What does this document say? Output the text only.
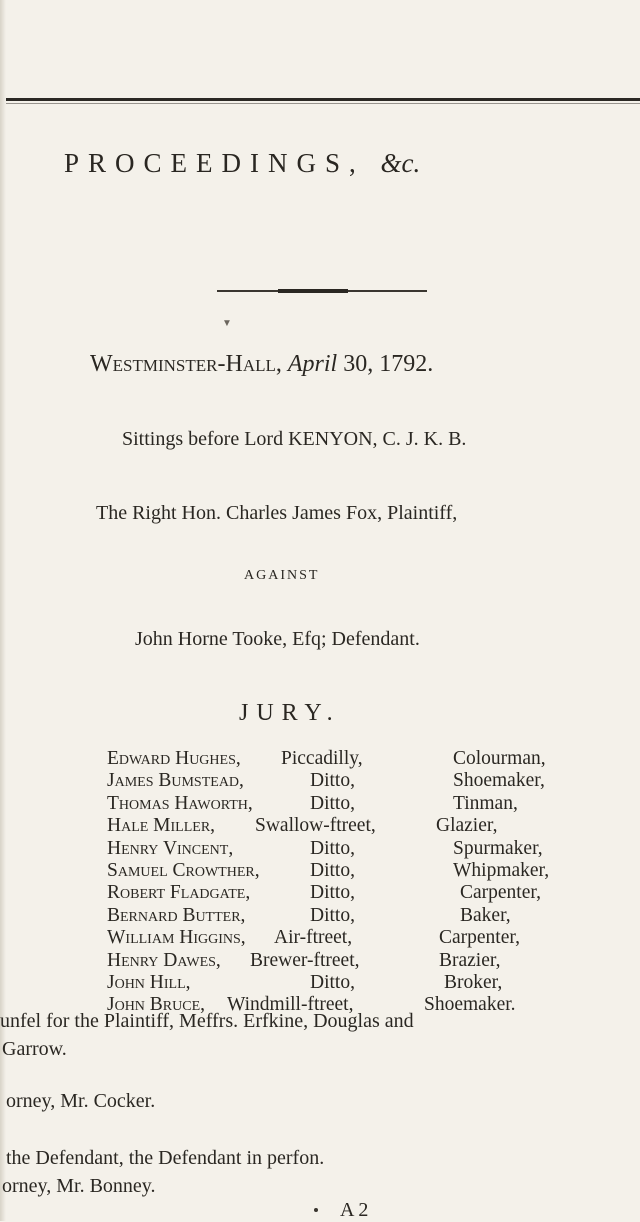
PROCEEDINGS, &c.
▼
Westminster-Hall, April 30, 1792.
Sittings before Lord KENYON, C. J. K. B.
The Right Hon. Charles James Fox, Plaintiff,
AGAINST
John Horne Tooke, Efq; Defendant.
JURY.
Edward Hughes, Piccadilly,	Colourman,
James Bumstead,	Ditto,	Shoemaker,
Thomas Haworth,	Ditto,	Tinman,
Hale Miller, Swallow-ftreet,	Glazier,
Henry Vincent,	Ditto,	Spurmaker,
Samuel Crowther,	Ditto,	Whipmaker,
Robert Fladgate,	Ditto,	Carpenter,
Bernard Butter,	Ditto,	Baker,
William Higgins, Air-ftreet,	Carpenter,
Henry Dawes, Brewer-ftreet,	Brazier,
John Hill,	Ditto,	Broker,
John Bruce, Windmill-ftreet,	Shoemaker.
unfel for the Plaintiff, Meffrs. Erfkine, Douglas and
Garrow.
orney, Mr. Cocker.
the Defendant, the Defendant in perfon.
orney, Mr. Bonney.
A 2
